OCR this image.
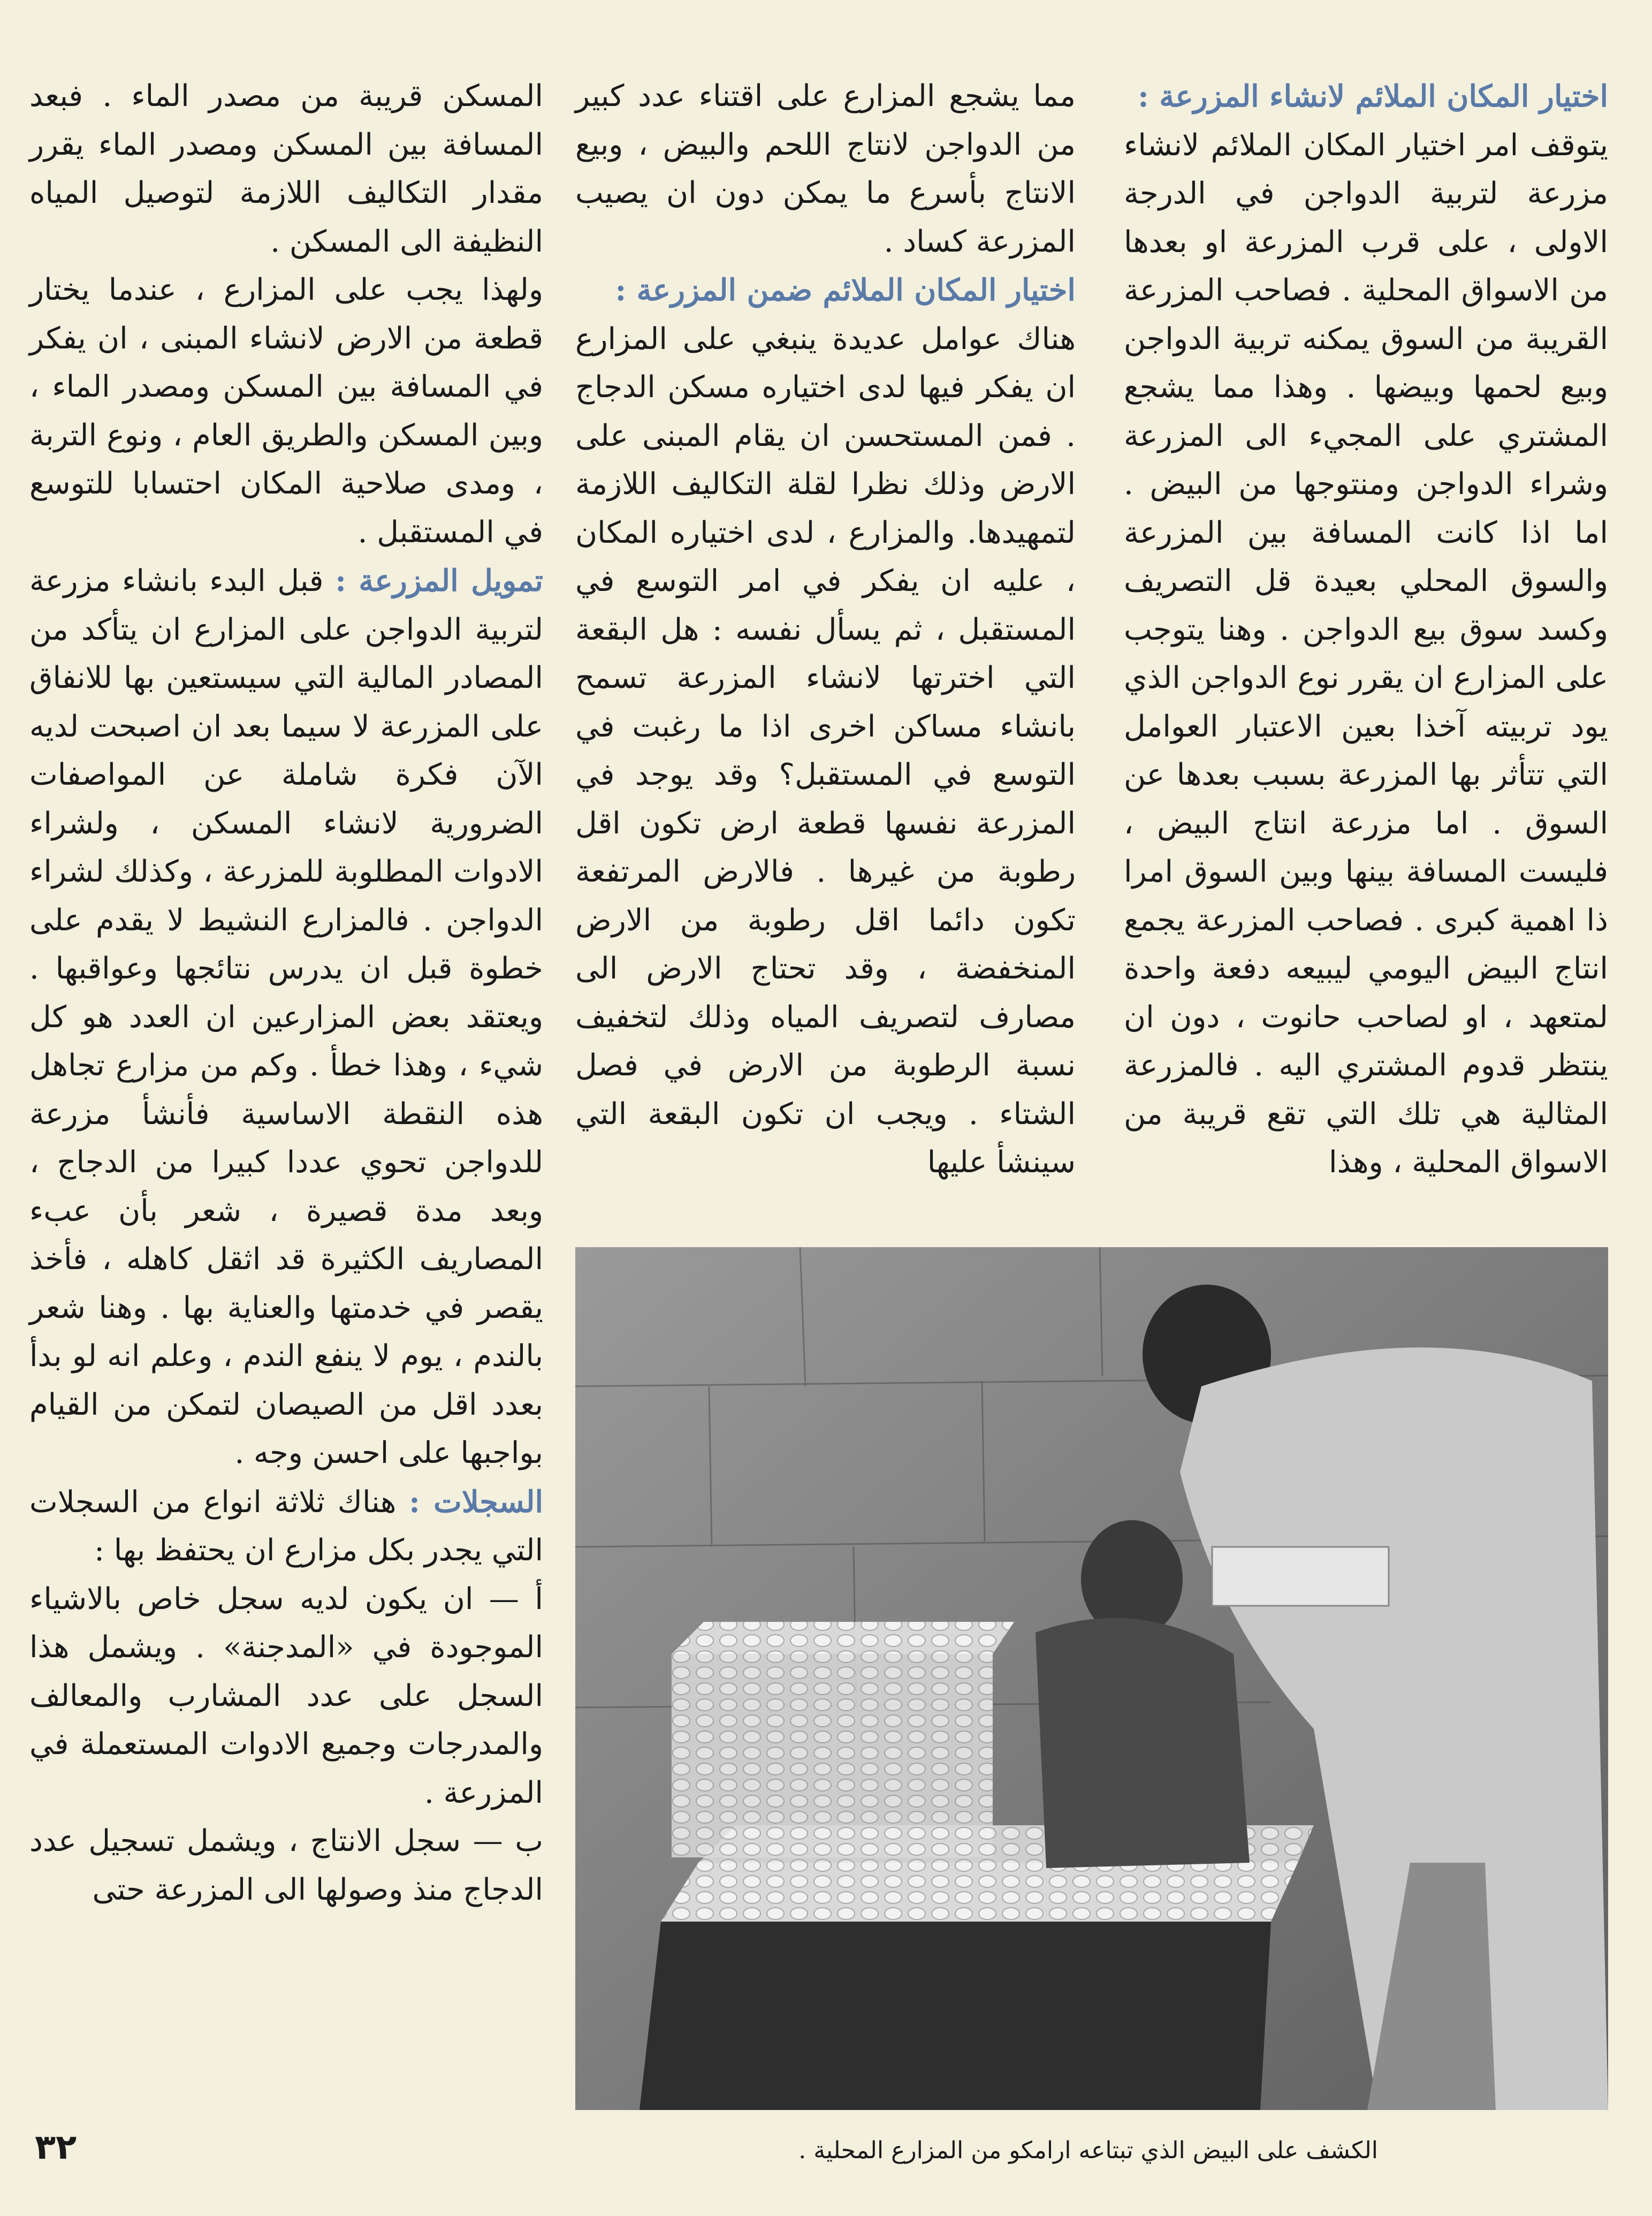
اختيار المكان الملائم لانشاء المزرعة :

يتوقف امر اختيار المكان الملائم لانشاء مزرعة لتربية الدواجن في الدرجة الاولى ، على قرب المزرعة او بعدها من الاسواق المحلية . فصاحب المزرعة القريبة من السوق يمكنه تربية الدواجن وبيع لحمها وبيضها . وهذا مما يشجع المشتري على المجيء الى المزرعة وشراء الدواجن ومنتوجها من البيض . اما اذا كانت المسافة بين المزرعة والسوق المحلي بعيدة قل التصريف وكسد سوق بيع الدواجن . وهنا يتوجب على المزارع ان يقرر نوع الدواجن الذي يود تربيته آخذا بعين الاعتبار العوامل التي تتأثر بها المزرعة بسبب بعدها عن السوق . اما مزرعة انتاج البيض ، فليست المسافة بينها وبين السوق امرا ذا اهمية كبرى . فصاحب المزرعة يجمع انتاج البيض اليومي ليبيعه دفعة واحدة لمتعهد ، او لصاحب حانوت ، دون ان ينتظر قدوم المشتري اليه . فالمزرعة المثالية هي تلك التي تقع قريبة من الاسواق المحلية ، وهذا

مما يشجع المزارع على اقتناء عدد كبير من الدواجن لانتاج اللحم والبيض ، وبيع الانتاج بأسرع ما يمكن دون ان يصيب المزرعة كساد .

اختيار المكان الملائم ضمن المزرعة :

هناك عوامل عديدة ينبغي على المزارع ان يفكر فيها لدى اختياره مسكن الدجاج . فمن المستحسن ان يقام المبنى على الارض وذلك نظرا لقلة التكاليف اللازمة لتمهيدها. والمزارع ، لدى اختياره المكان ، عليه ان يفكر في امر التوسع في المستقبل ، ثم يسأل نفسه : هل البقعة التي اخترتها لانشاء المزرعة تسمح بانشاء مساكن اخرى اذا ما رغبت في التوسع في المستقبل؟ وقد يوجد في المزرعة نفسها قطعة ارض تكون اقل رطوبة من غيرها . فالارض المرتفعة تكون دائما اقل رطوبة من الارض المنخفضة ، وقد تحتاج الارض الى مصارف لتصريف المياه وذلك لتخفيف نسبة الرطوبة من الارض في فصل الشتاء . ويجب ان تكون البقعة التي سينشأ عليها

المسكن قريبة من مصدر الماء . فبعد المسافة بين المسكن ومصدر الماء يقرر مقدار التكاليف اللازمة لتوصيل المياه النظيفة الى المسكن .

ولهذا يجب على المزارع ، عندما يختار قطعة من الارض لانشاء المبنى ، ان يفكر في المسافة بين المسكن ومصدر الماء ، وبين المسكن والطريق العام ، ونوع التربة ، ومدى صلاحية المكان احتسابا للتوسع في المستقبل .

تمويل المزرعة : قبل البدء بانشاء مزرعة لتربية الدواجن على المزارع ان يتأكد من المصادر المالية التي سيستعين بها للانفاق على المزرعة لا سيما بعد ان اصبحت لديه الآن فكرة شاملة عن المواصفات الضرورية لانشاء المسكن ، ولشراء الادوات المطلوبة للمزرعة ، وكذلك لشراء الدواجن . فالمزارع النشيط لا يقدم على خطوة قبل ان يدرس نتائجها وعواقبها . ويعتقد بعض المزارعين ان العدد هو كل شيء ، وهذا خطأ . وكم من مزارع تجاهل هذه النقطة الاساسية فأنشأ مزرعة للدواجن تحوي عددا كبيرا من الدجاج ، وبعد مدة قصيرة ، شعر بأن عبء المصاريف الكثيرة قد اثقل كاهله ، فأخذ يقصر في خدمتها والعناية بها . وهنا شعر بالندم ، يوم لا ينفع الندم ، وعلم انه لو بدأ بعدد اقل من الصيصان لتمكن من القيام بواجبها على احسن وجه .

السجلات : هناك ثلاثة انواع من السجلات التي يجدر بكل مزارع ان يحتفظ بها :

أ — ان يكون لديه سجل خاص بالاشياء الموجودة في «المدجنة» . ويشمل هذا السجل على عدد المشارب والمعالف والمدرجات وجميع الادوات المستعملة في المزرعة .

ب — سجل الانتاج ، ويشمل تسجيل عدد الدجاج منذ وصولها الى المزرعة حتى

الكشف على البيض الذي تبتاعه ارامكو من المزارع المحلية .
٣٢
